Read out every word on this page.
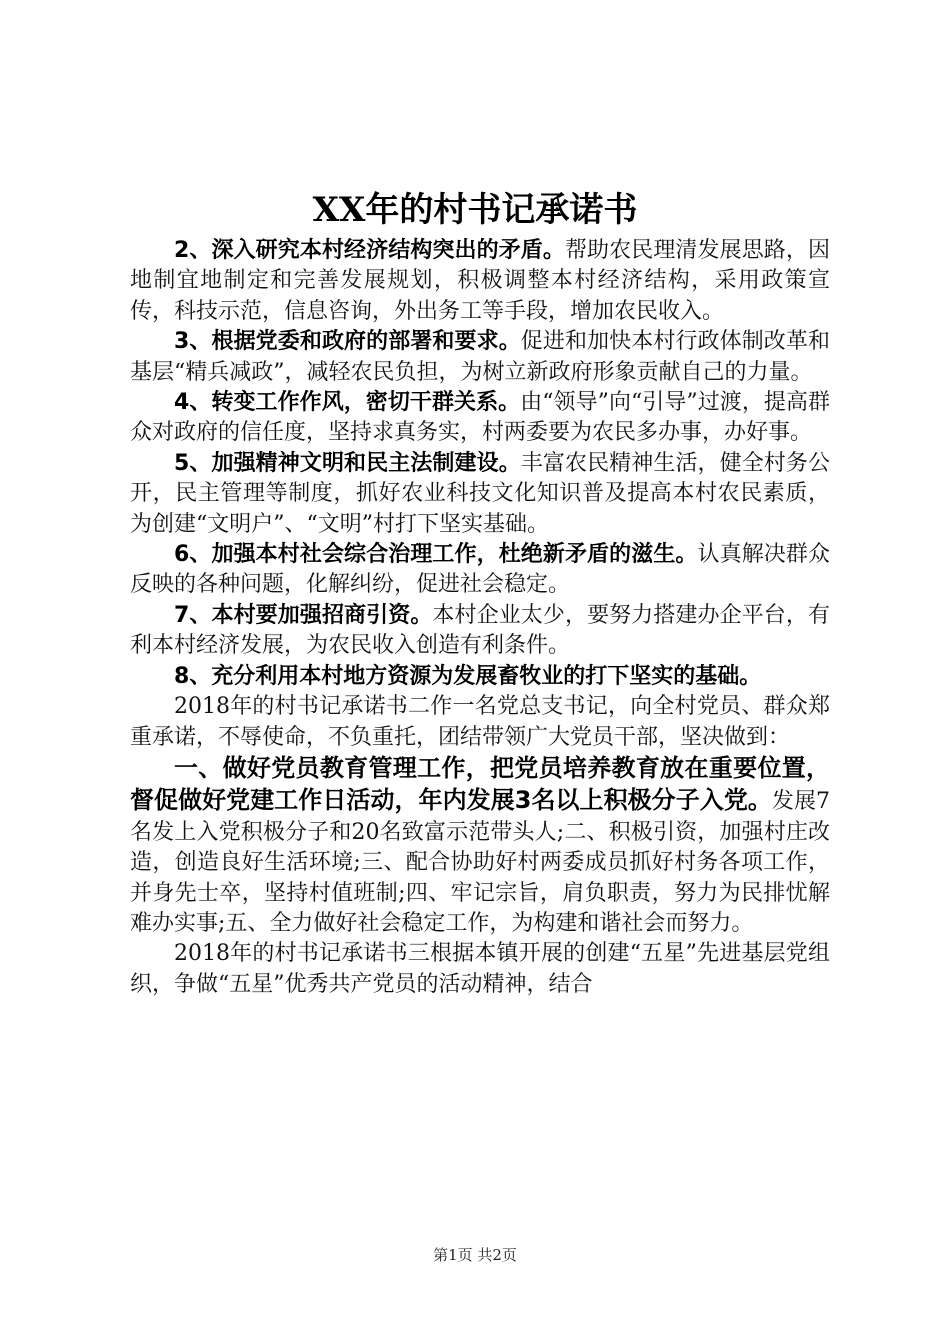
XX年的村书记承诺书

2、深入研究本村经济结构突出的矛盾。帮助农民理清发展思路，因地制宜地制定和完善发展规划，积极调整本村经济结构，采用政策宣传，科技示范，信息咨询，外出务工等手段，增加农民收入。

3、根据党委和政府的部署和要求。促进和加快本村行政体制改革和基层“精兵减政”，减轻农民负担，为树立新政府形象贡献自己的力量。

4、转变工作作风，密切干群关系。由“领导”向“引导”过渡，提高群众对政府的信任度，坚持求真务实，村两委要为农民多办事，办好事。

5、加强精神文明和民主法制建设。丰富农民精神生活，健全村务公开，民主管理等制度，抓好农业科技文化知识普及提高本村农民素质，为创建“文明户”、“文明”村打下坚实基础。

6、加强本村社会综合治理工作，杜绝新矛盾的滋生。认真解决群众反映的各种问题，化解纠纷，促进社会稳定。

7、本村要加强招商引资。本村企业太少，要努力搭建办企平台，有利本村经济发展，为农民收入创造有利条件。

8、充分利用本村地方资源为发展畜牧业的打下坚实的基础。

2018年的村书记承诺书二作一名党总支书记，向全村党员、群众郑重承诺，不辱使命，不负重托，团结带领广大党员干部，坚决做到：

一、做好党员教育管理工作，把党员培养教育放在重要位置，督促做好党建工作日活动，年内发展3名以上积极分子入党。发展7名发上入党积极分子和20名致富示范带头人;二、积极引资，加强村庄改造，创造良好生活环境;三、配合协助好村两委成员抓好村务各项工作，并身先士卒，坚持村值班制;四、牢记宗旨，肩负职责，努力为民排忧解难办实事;五、全力做好社会稳定工作，为构建和谐社会而努力。

2018年的村书记承诺书三根据本镇开展的创建“五星”先进基层党组织，争做“五星”优秀共产党员的活动精神，结合

第1页 共2页
